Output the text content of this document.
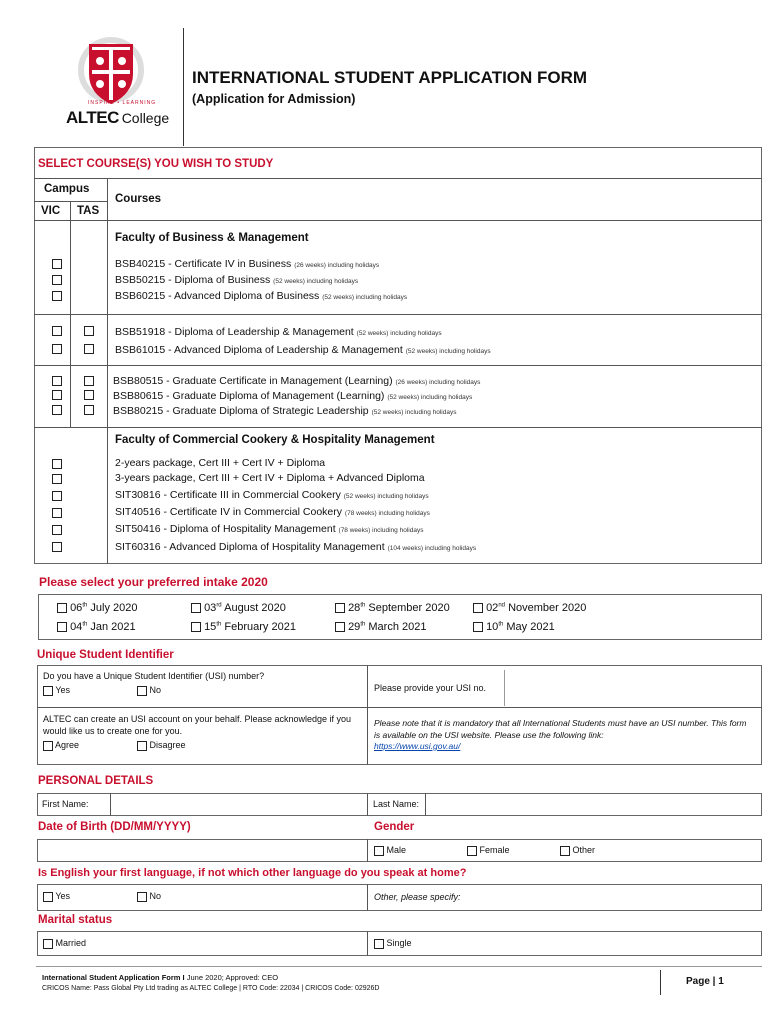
ALTEC College
INSPIRE • LEARNING
INTERNATIONAL STUDENT APPLICATION FORM
(Application for Admission)
SELECT COURSE(S) YOU WISH TO STUDY
Campus
VIC TAS
Courses
Faculty of Business & Management
BSB40215 - Certificate IV in Business (26 weeks) including holidays
BSB50215 - Diploma of Business (52 weeks) including holidays
BSB60215 - Advanced Diploma of Business (52 weeks) including holidays
BSB51918 - Diploma of Leadership & Management (52 weeks) including holidays
BSB61015 - Advanced Diploma of Leadership & Management (52 weeks) including holidays
BSB80515 - Graduate Certificate in Management (Learning) (26 weeks) including holidays
BSB80615 - Graduate Diploma of Management (Learning) (52 weeks) including holidays
BSB80215 - Graduate Diploma of Strategic Leadership (52 weeks) including holidays
Faculty of Commercial Cookery & Hospitality Management
2-years package, Cert III + Cert IV + Diploma
3-years package, Cert III + Cert IV + Diploma + Advanced Diploma
SIT30816 - Certificate III in Commercial Cookery (52 weeks) including holidays
SIT40516 - Certificate IV in Commercial Cookery (78 weeks) including holidays
SIT50416 - Diploma of Hospitality Management (78 weeks) including holidays
SIT60316 - Advanced Diploma of Hospitality Management (104 weeks) including holidays
Please select your preferred intake 2020
06th July 2020	03rd August 2020	28th September 2020	02nd November 2020
04th Jan 2021	15th February 2021	29th March 2021	10th May 2021
Unique Student Identifier
Do you have a Unique Student Identifier (USI) number?
Yes	No	Please provide your USI no.
ALTEC can create an USI account on your behalf. Please acknowledge if you would like us to create one for you.
Agree	Disagree
Please note that it is mandatory that all International Students must have an USI number. This form is available on the USI website. Please use the following link:
https://www.usi.gov.au/
PERSONAL DETAILS
First Name:	Last Name:
Date of Birth (DD/MM/YYYY)	Gender
Male	Female	Other
Is English your first language, if not which other language do you speak at home?
Yes	No	Other, please specify:
Marital status
Married	Single
International Student Application Form I June 2020; Approved: CEO
CRICOS Name: Pass Global Pty Ltd trading as ALTEC College | RTO Code: 22034 | CRICOS Code: 02926D
Page | 1
